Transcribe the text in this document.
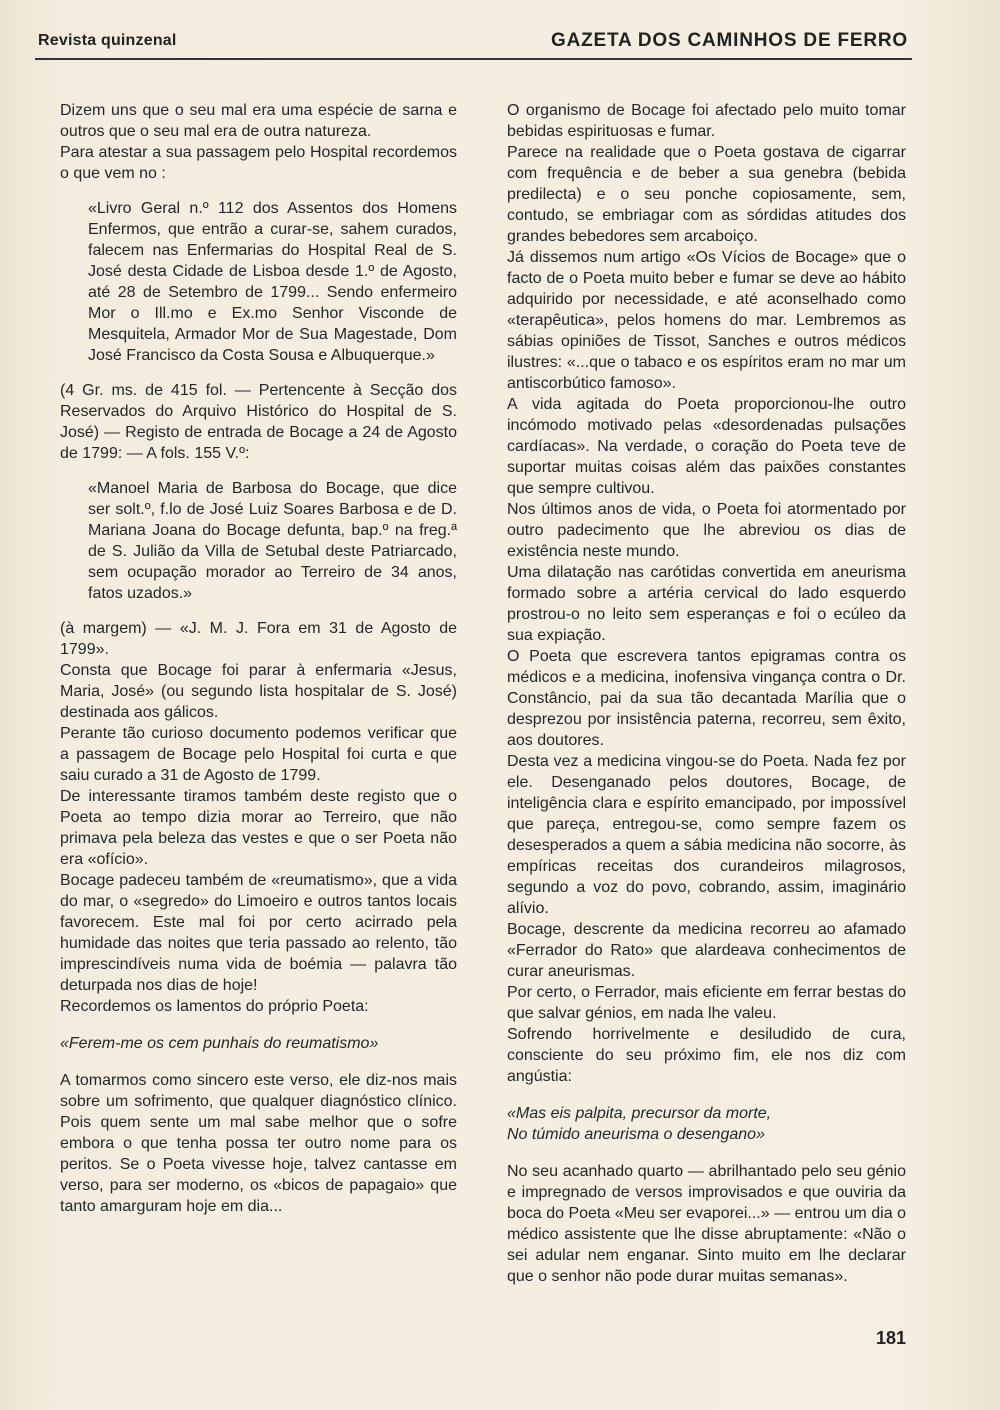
Revista quinzenal	GAZETA DOS CAMINHOS DE FERRO

Dizem uns que o seu mal era uma espécie de sarna e outros que o seu mal era de outra natureza.

Para atestar a sua passagem pelo Hospital recordemos o que vem no :

«Livro Geral n.º 112 dos Assentos dos Homens Enfermos, que entrão a curar-se, sahem curados, falecem nas Enfermarias do Hospital Real de S. José desta Cidade de Lisboa desde 1.º de Agosto, até 28 de Setembro de 1799... Sendo enfermeiro Mor o Ill.mo e Ex.mo Senhor Visconde de Mesquitela, Armador Mor de Sua Magestade, Dom José Francisco da Costa Sousa e Albuquerque.»

(4 Gr. ms. de 415 fol. — Pertencente à Secção dos Reservados do Arquivo Histórico do Hospital de S. José) — Registo de entrada de Bocage a 24 de Agosto de 1799: — A fols. 155 V.º:

«Manoel Maria de Barbosa do Bocage, que dice ser solt.º, f.lo de José Luiz Soares Barbosa e de D. Mariana Joana do Bocage defunta, bap.º na freg.ª de S. Julião da Villa de Setubal deste Patriarcado, sem ocupação morador ao Terreiro de 34 anos, fatos uzados.»

(à margem) — «J. M. J. Fora em 31 de Agosto de 1799».

Consta que Bocage foi parar à enfermaria «Jesus, Maria, José» (ou segundo lista hospitalar de S. José) destinada aos gálicos.

Perante tão curioso documento podemos verificar que a passagem de Bocage pelo Hospital foi curta e que saiu curado a 31 de Agosto de 1799.

De interessante tiramos também deste registo que o Poeta ao tempo dizia morar ao Terreiro, que não primava pela beleza das vestes e que o ser Poeta não era «ofício».

Bocage padeceu também de «reumatismo», que a vida do mar, o «segredo» do Limoeiro e outros tantos locais favorecem. Este mal foi por certo acirrado pela humidade das noites que teria passado ao relento, tão imprescindíveis numa vida de boémia — palavra tão deturpada nos dias de hoje!

Recordemos os lamentos do próprio Poeta:

«Ferem-me os cem punhais do reumatismo»

A tomarmos como sincero este verso, ele diz-nos mais sobre um sofrimento, que qualquer diagnóstico clínico. Pois quem sente um mal sabe melhor que o sofre embora o que tenha possa ter outro nome para os peritos. Se o Poeta vivesse hoje, talvez cantasse em verso, para ser moderno, os «bicos de papagaio» que tanto amarguram hoje em dia...

O organismo de Bocage foi afectado pelo muito tomar bebidas espirituosas e fumar.

Parece na realidade que o Poeta gostava de cigarrar com frequência e de beber a sua genebra (bebida predilecta) e o seu ponche copiosamente, sem, contudo, se embriagar com as sórdidas atitudes dos grandes bebedores sem arcaboiço.

Já dissemos num artigo «Os Vícios de Bocage» que o facto de o Poeta muito beber e fumar se deve ao hábito adquirido por necessidade, e até aconselhado como «terapêutica», pelos homens do mar. Lembremos as sábias opiniões de Tissot, Sanches e outros médicos ilustres: «...que o tabaco e os espíritos eram no mar um antiscorbútico famoso».

A vida agitada do Poeta proporcionou-lhe outro incómodo motivado pelas «desordenadas pulsações cardíacas». Na verdade, o coração do Poeta teve de suportar muitas coisas além das paixões constantes que sempre cultivou.

Nos últimos anos de vida, o Poeta foi atormentado por outro padecimento que lhe abreviou os dias de existência neste mundo.

Uma dilatação nas carótidas convertida em aneurisma formado sobre a artéria cervical do lado esquerdo prostrou-o no leito sem esperanças e foi o ecúleo da sua expiação.

O Poeta que escrevera tantos epigramas contra os médicos e a medicina, inofensiva vingança contra o Dr. Constâncio, pai da sua tão decantada Marília que o desprezou por insistência paterna, recorreu, sem êxito, aos doutores.

Desta vez a medicina vingou-se do Poeta. Nada fez por ele. Desenganado pelos doutores, Bocage, de inteligência clara e espírito emancipado, por impossível que pareça, entregou-se, como sempre fazem os desesperados a quem a sábia medicina não socorre, às empíricas receitas dos curandeiros milagrosos, segundo a voz do povo, cobrando, assim, imaginário alívio.

Bocage, descrente da medicina recorreu ao afamado «Ferrador do Rato» que alardeava conhecimentos de curar aneurismas.

Por certo, o Ferrador, mais eficiente em ferrar bestas do que salvar génios, em nada lhe valeu.

Sofrendo horrivelmente e desiludido de cura, consciente do seu próximo fim, ele nos diz com angústia:

«Mas eis palpita, precursor da morte,

No túmido aneurisma o desengano»

No seu acanhado quarto — abrilhantado pelo seu génio e impregnado de versos improvisados e que ouviria da boca do Poeta «Meu ser evaporei...» — entrou um dia o médico assistente que lhe disse abruptamente: «Não o sei adular nem enganar. Sinto muito em lhe declarar que o senhor não pode durar muitas semanas».

181
